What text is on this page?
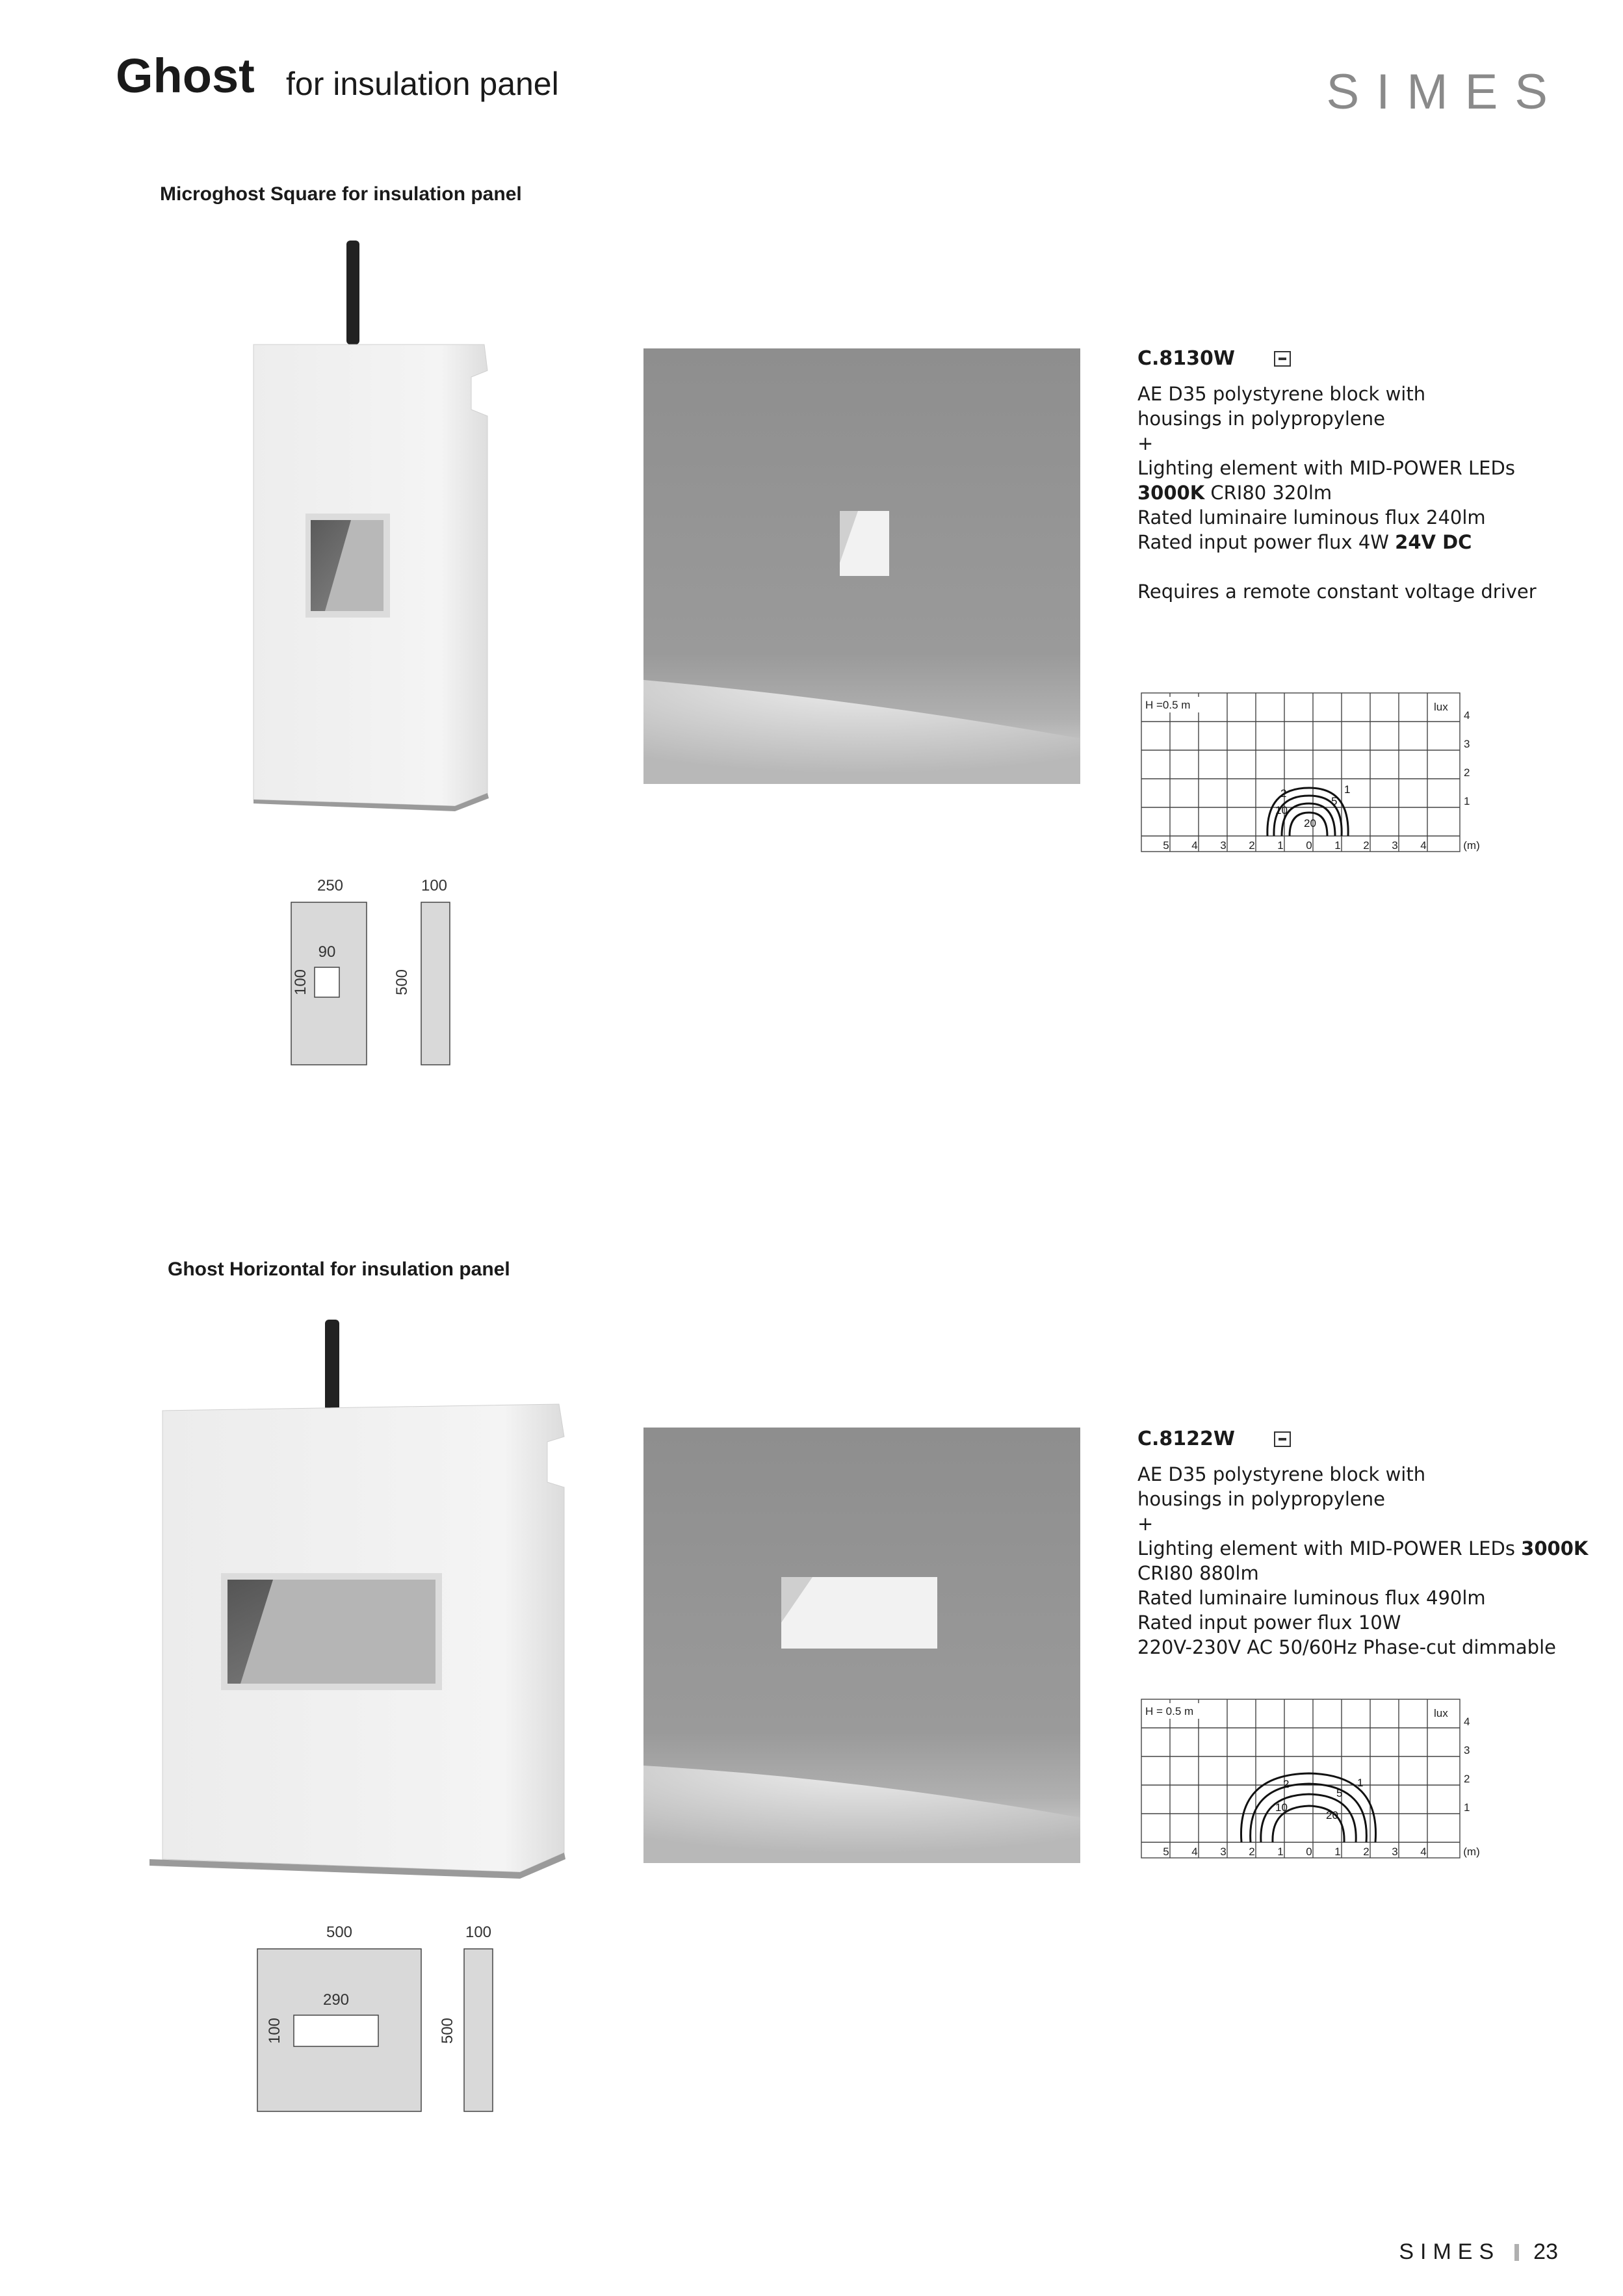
Ghost for insulation panel	SIMES
Microghost Square for insulation panel
C.8130W
AE D35 polystyrene block with
housings in polypropylene
+
Lighting element with MID-POWER LEDs
3000K CRI80 320lm
Rated luminaire luminous flux 240lm
Rated input power flux 4W 24V DC
Requires a remote constant voltage driver
H =0.5 m	lux
2	1
5
10
20
4
3
2
1
5 4 3 2 1 0 1 2 3 4	(m)
250	100
90
100	500
Ghost Horizontal for insulation panel
C.8122W
AE D35 polystyrene block with
housings in polypropylene
+
Lighting element with MID-POWER LEDs 3000K
CRI80 880lm
Rated luminaire luminous flux 490lm
Rated input power flux 10W
220V-230V AC 50/60Hz Phase-cut dimmable
H = 0.5 m	lux
2	1
5
10
20
4
3
2
1
5 4 3 2 1 0 1 2 3 4	(m)
500	100
290
100	500
SIMES 23
